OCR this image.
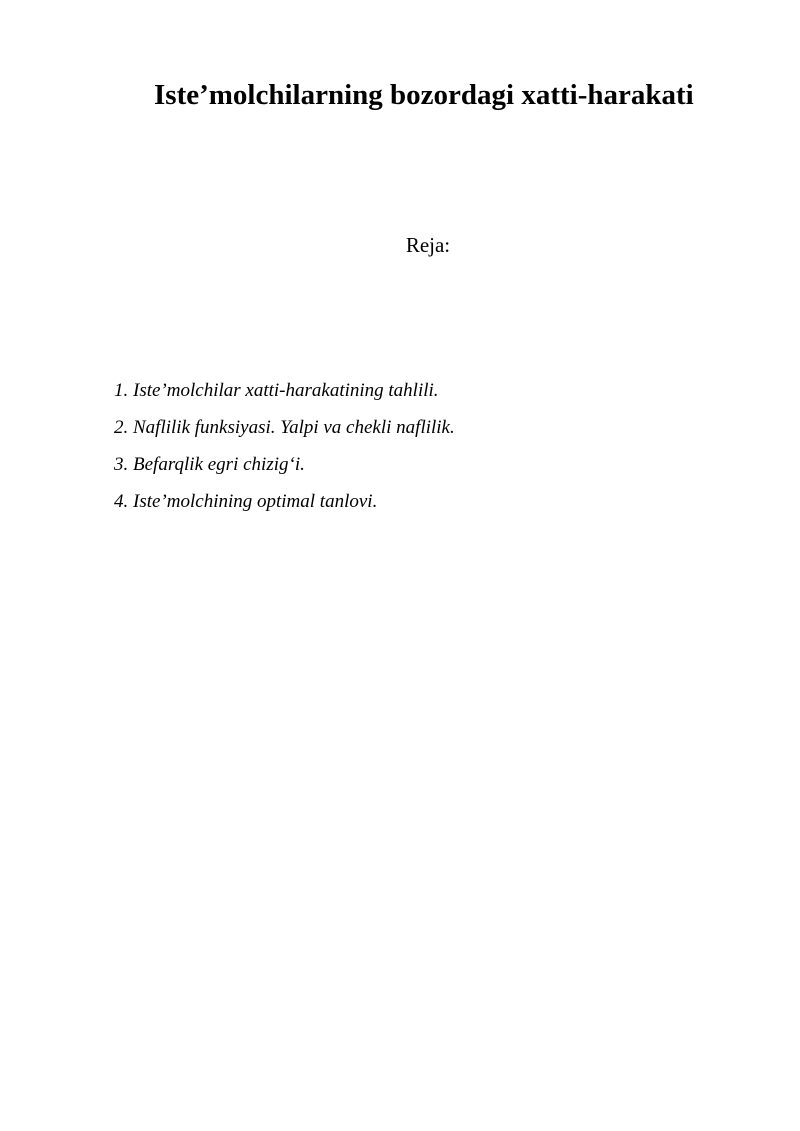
Iste’molchilarning bozordagi xatti-harakati

Reja:

1. Iste’molchilar xatti-harakatining tahlili.
2. Naflilik funksiyasi. Yalpi va chekli naflilik.
3. Befarqlik egri chizig‘i.
4. Iste’molchining optimal tanlovi.
